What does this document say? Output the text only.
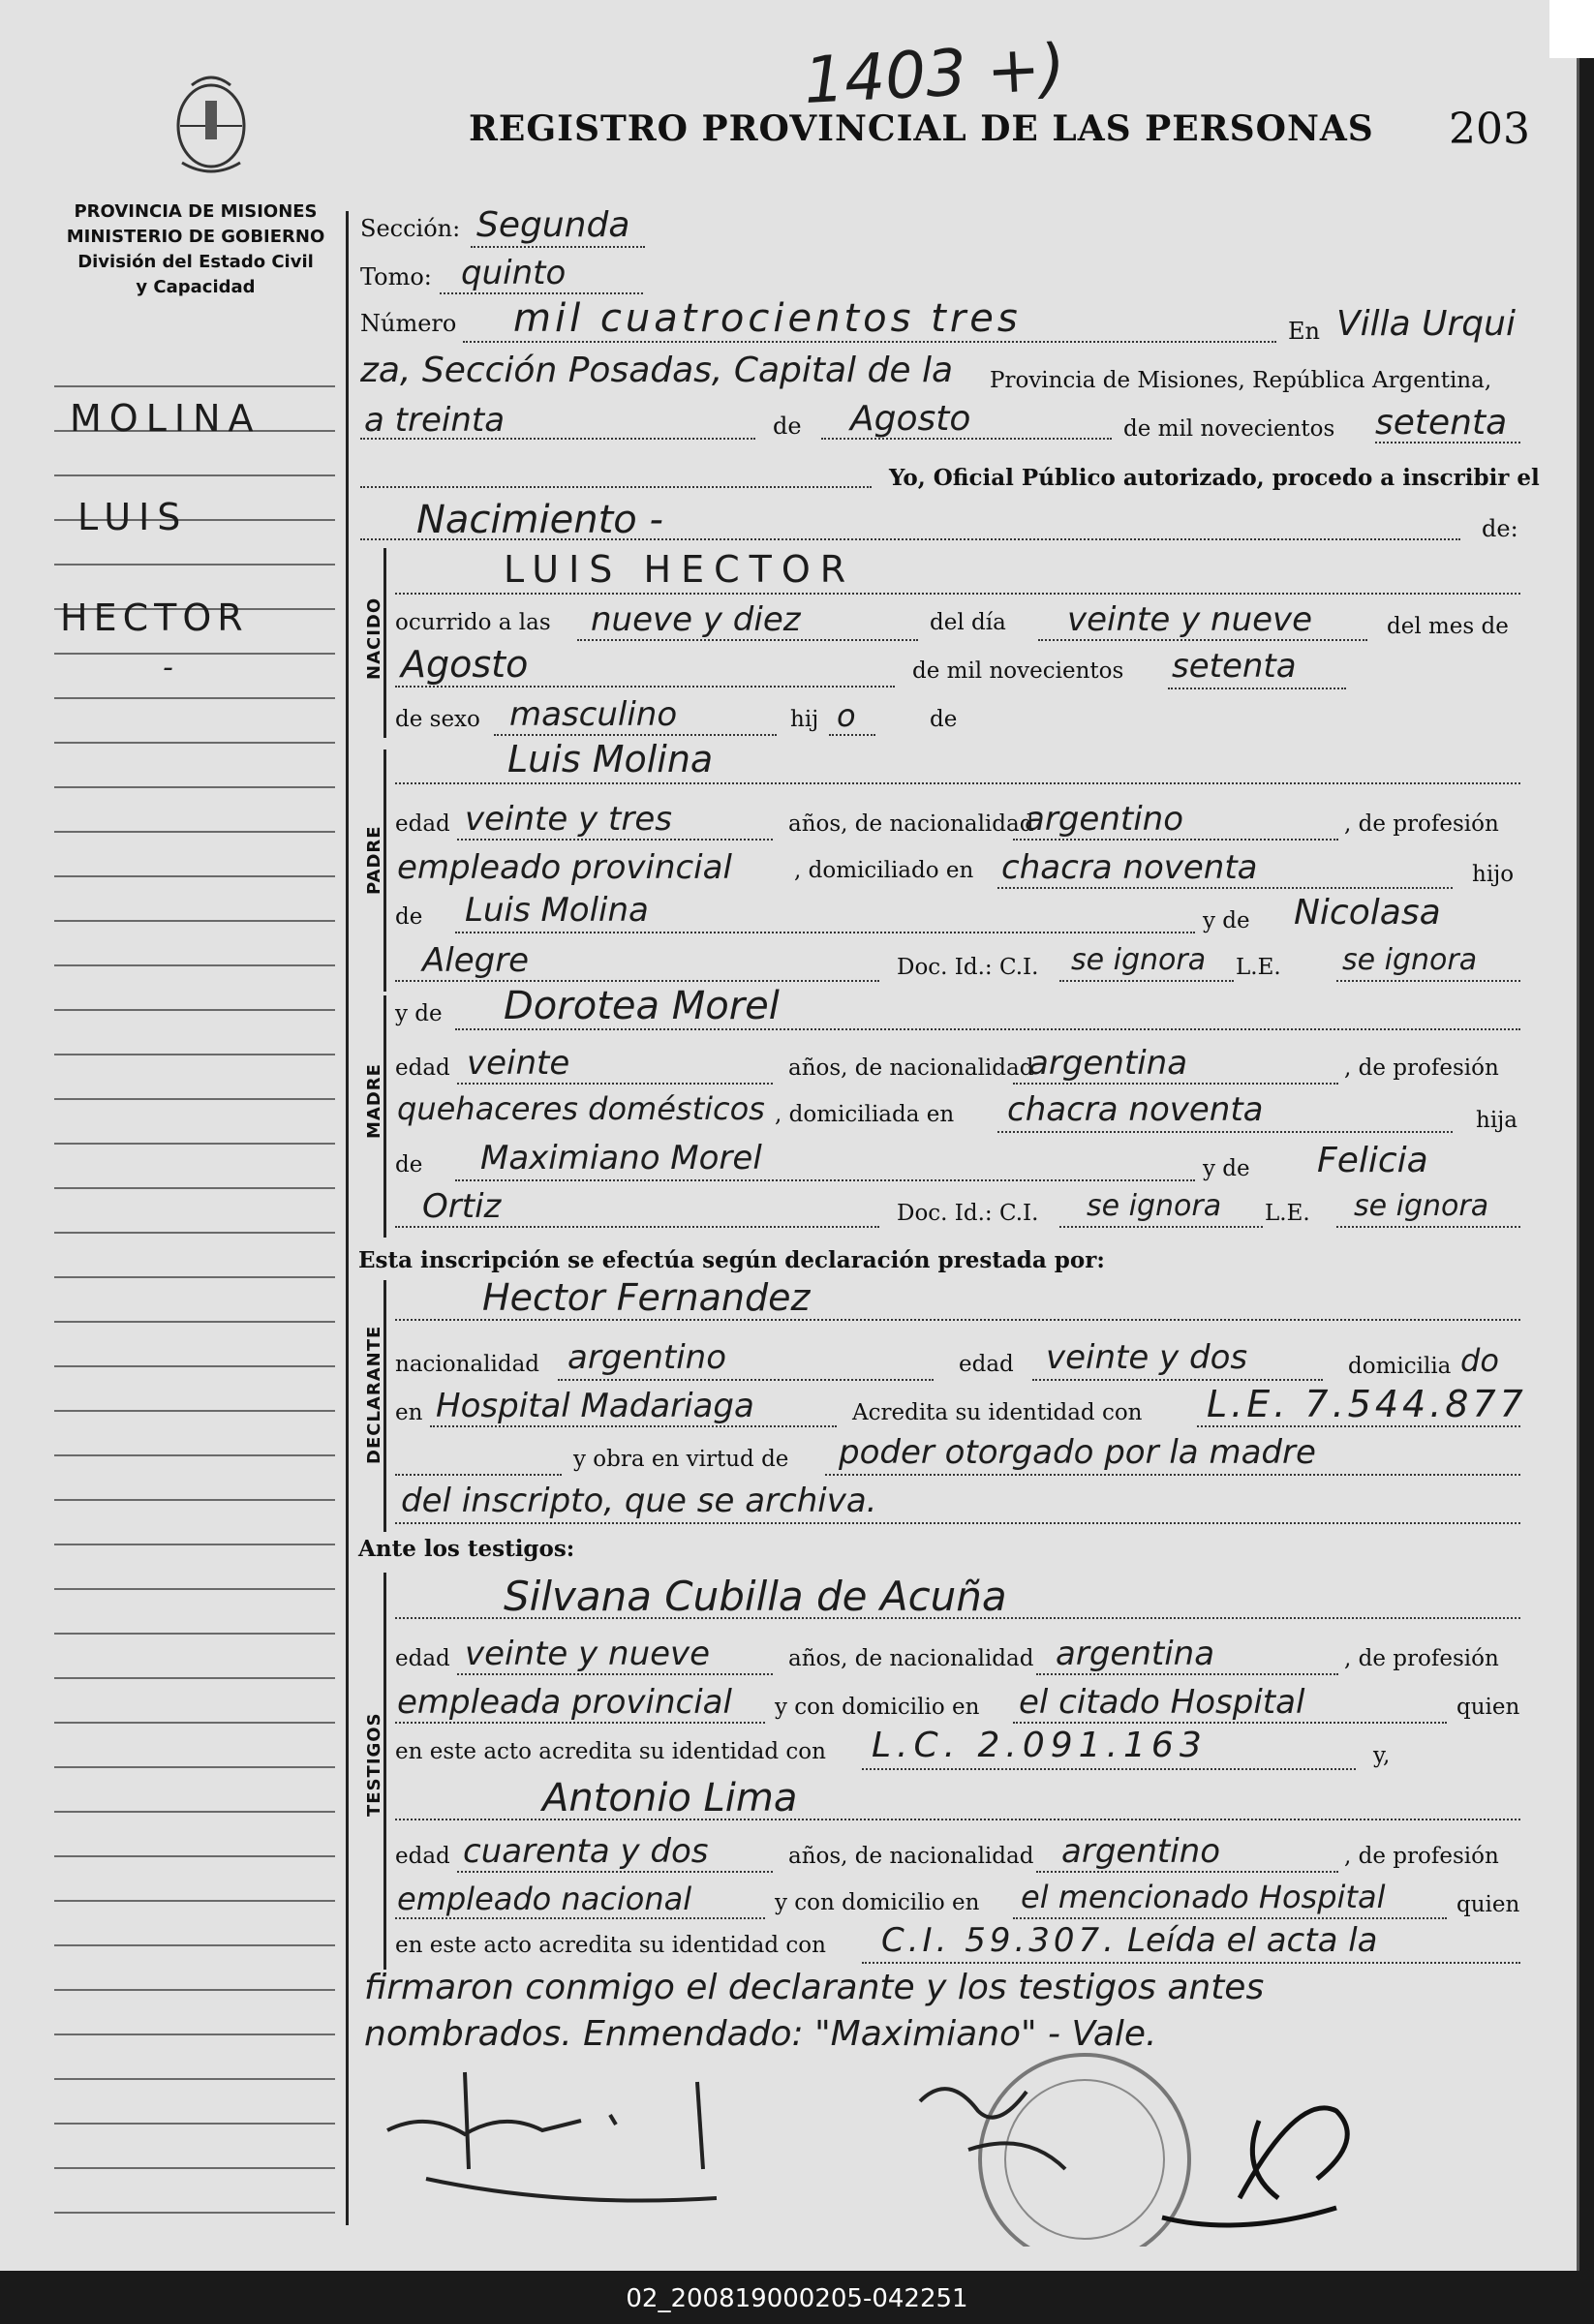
1403 +)
REGISTRO PROVINCIAL DE LAS PERSONAS 203
PROVINCIA DE MISIONES
MINISTERIO DE GOBIERNO
División del Estado Civil
y Capacidad
MOLINA
LUIS
HECTOR
-
Sección: Segunda
Tomo: quinto
Número mil cuatrocientos tres	En Villa Urqui
za, Sección Posadas, Capital de la Provincia de Misiones, República Argentina,
a treinta	de Agosto	de mil novecientos setenta
Yo, Oficial Público autorizado, procedo a inscribir el
Nacimiento -	de:
NACIDO
LUIS HECTOR
ocurrido a las nueve y diez	del día veinte y nueve	del mes de
Agosto	de mil novecientos setenta
de sexo masculino	hij o	de
PADRE
Luis Molina
edad veinte y tres	años, de nacionalidad
argentino	, de profesión
empleado provincial	, domiciliado en chacra noventa	hijo
de Luis Molina	y de Nicolasa
Alegre	Doc. Id.: C.I. se ignora L.E. se ignora
MADRE
y de Dorotea Morel
edad veinte	años, de nacionalidad
argentina	, de profesión
quehaceres domésticos , domiciliada en chacra noventa	hija
de Maximiano Morel	y de Felicia
Ortiz	Doc. Id.: C.I. se ignora L.E. se ignora
Esta inscripción se efectúa según declaración prestada por:
DECLARANTE
Hector Fernandez
nacionalidad argentino	edad veinte y dos	domicilia do
en Hospital Madariaga	Acredita su identidad con L.E. 7.544.877
y obra en virtud de poder otorgado por la madre
del inscripto, que se archiva.
Ante los testigos:
TESTIGOS
Silvana Cubilla de Acuña
edad veinte y nueve	años, de nacionalidad argentina	, de profesión
empleada provincial y con domicilio en el citado Hospital	quien
en este acto acredita su identidad con L.C. 2.091.163	y,
Antonio Lima
edad cuarenta y dos	años, de nacionalidad argentino	, de profesión
empleado nacional	y con domicilio en el mencionado Hospital	quien
en este acto acredita su identidad con C.I. 59.307. Leída el acta la
firmaron conmigo el declarante y los testigos antes
nombrados. Enmendado: "Maximiano" - Vale.
02_200819000205-042251
